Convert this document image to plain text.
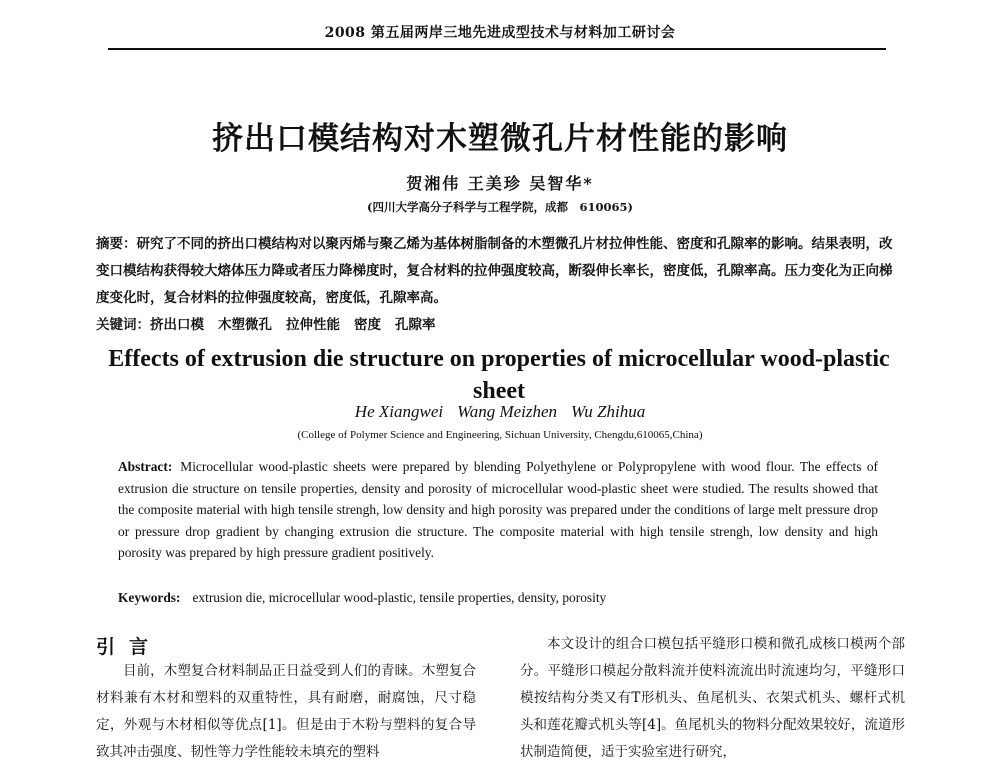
2008 第五届两岸三地先进成型技术与材料加工研讨会
挤出口模结构对木塑微孔片材性能的影响
贺湘伟 王美珍 吴智华*
(四川大学高分子科学与工程学院，成都　610065)
摘要：研究了不同的挤出口模结构对以聚丙烯与聚乙烯为基体树脂制备的木塑微孔片材拉伸性能、密度和孔隙率的影响。结果表明，改变口模结构获得较大熔体压力降或者压力降梯度时，复合材料的拉伸强度较高，断裂伸长率长，密度低，孔隙率高。压力变化为正向梯度变化时，复合材料的拉伸强度较高，密度低，孔隙率高。
关键词：挤出口模 木塑微孔 拉伸性能 密度 孔隙率
Effects of extrusion die structure on properties of microcellular wood-plastic sheet
He Xiangwei Wang Meizhen Wu Zhihua
(College of Polymer Science and Engineering, Sichuan University, Chengdu,610065,China)
Abstract: Microcellular wood-plastic sheets were prepared by blending Polyethylene or Polypropylene with wood flour. The effects of extrusion die structure on tensile properties, density and porosity of microcellular wood-plastic sheet were studied. The results showed that the composite material with high tensile strengh, low density and high porosity was prepared under the conditions of large melt pressure drop or pressure drop gradient by changing extrusion die structure. The composite material with high tensile strengh, low density and high porosity was prepared by high pressure gradient positively.
Keywords: extrusion die, microcellular wood-plastic, tensile properties, density, porosity
引言

目前，木塑复合材料制品正日益受到人们的青睐。木塑复合材料兼有木材和塑料的双重特性，具有耐磨，耐腐蚀，尺寸稳定，外观与木材相似等优点[1]。但是由于木粉与塑料的复合导致其冲击强度、韧性等力学性能较未填充的塑料

本文设计的组合口模包括平缝形口模和微孔成核口模两个部分。平缝形口模起分散料流并使料流流出时流速均匀，平缝形口模按结构分类又有T形机头、鱼尾机头、衣架式机头、螺杆式机头和莲花瓣式机头等[4]。鱼尾机头的物料分配效果较好，流道形状制造简便，适于实验室进行研究，
